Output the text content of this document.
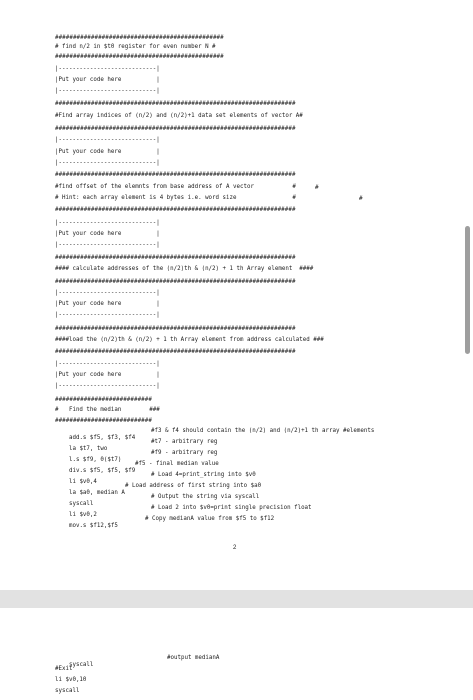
###############################################
# find n/2 in $t0 register for even number N #
###############################################
|----------------------------|
|Put your code here          |
|----------------------------|
###################################################################
#Find array indices of (n/2) and (n/2)+1 data set elements of vector A#
###################################################################
|----------------------------|
|Put your code here          |
|----------------------------|
###################################################################
#find offset of the elemnts from base address of A vector           #
# Hint: each array element is 4 bytes i.e. word size                #
###################################################################
|----------------------------|
|Put your code here          |
|----------------------------|
###################################################################
#### calculate addresses of the (n/2)th & (n/2) + 1 th Array element  ####
###################################################################
|----------------------------|
|Put your code here          |
|----------------------------|
###################################################################
####load the (n/2)th & (n/2) + 1 th Array element from address calculated ###
###################################################################
|----------------------------|
|Put your code here          |
|----------------------------|
###########################
#   Find the median        ###
###########################
#
#

add.s $f5, $f3, $f4

#f3 & f4 should contain the (n/2) and (n/2)+1 th array #elements

la $t7, two

#t7 - arbitrary reg

l.s $f9, 0($t7)

#f9 - arbitrary reg

div.s $f5, $f5, $f9

#f5 - final median value

li $v0,4

# Load 4=print_string into $v0

la $a0, median A

# Load address of first string into $a0

syscall

# Output the string via syscall

li $v0,2

# Load 2 into $v0=print single precision float

mov.s $f12,$f5

# Copy medianA value from $f5 to $f12

2

syscall

#output medianA

#Exit
li $v0,10
syscall
